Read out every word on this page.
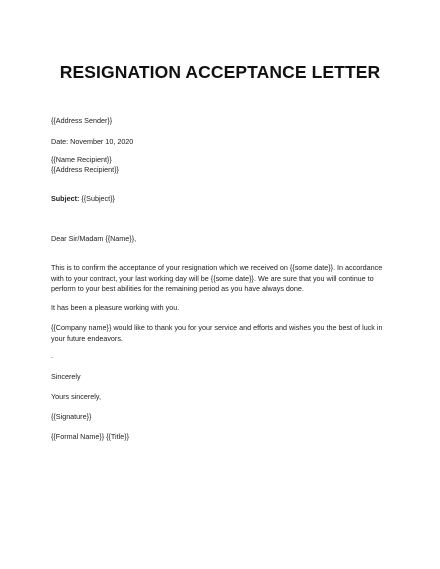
RESIGNATION ACCEPTANCE LETTER
{{Address Sender}}
Date: November 10, 2020
{{Name Recipient}}
{{Address Recipient}}
Subject: {{Subject}}
Dear Sir/Madam {{Name}},
This is to confirm the acceptance of your resignation which we received on {{some date}}. In accordance
with to your contract, your last working day will be {{some date}}. We are sure that you will continue to
perform to your best abilities for the remaining period as you have always done.
It has been a pleasure working with you.
{{Company name}} would like to thank you for your service and efforts and wishes you the best of luck in
your future endeavors.
.
Sincerely
Yours sincerely,
{{Signature}}
{{Formal Name}} {{Title}}
